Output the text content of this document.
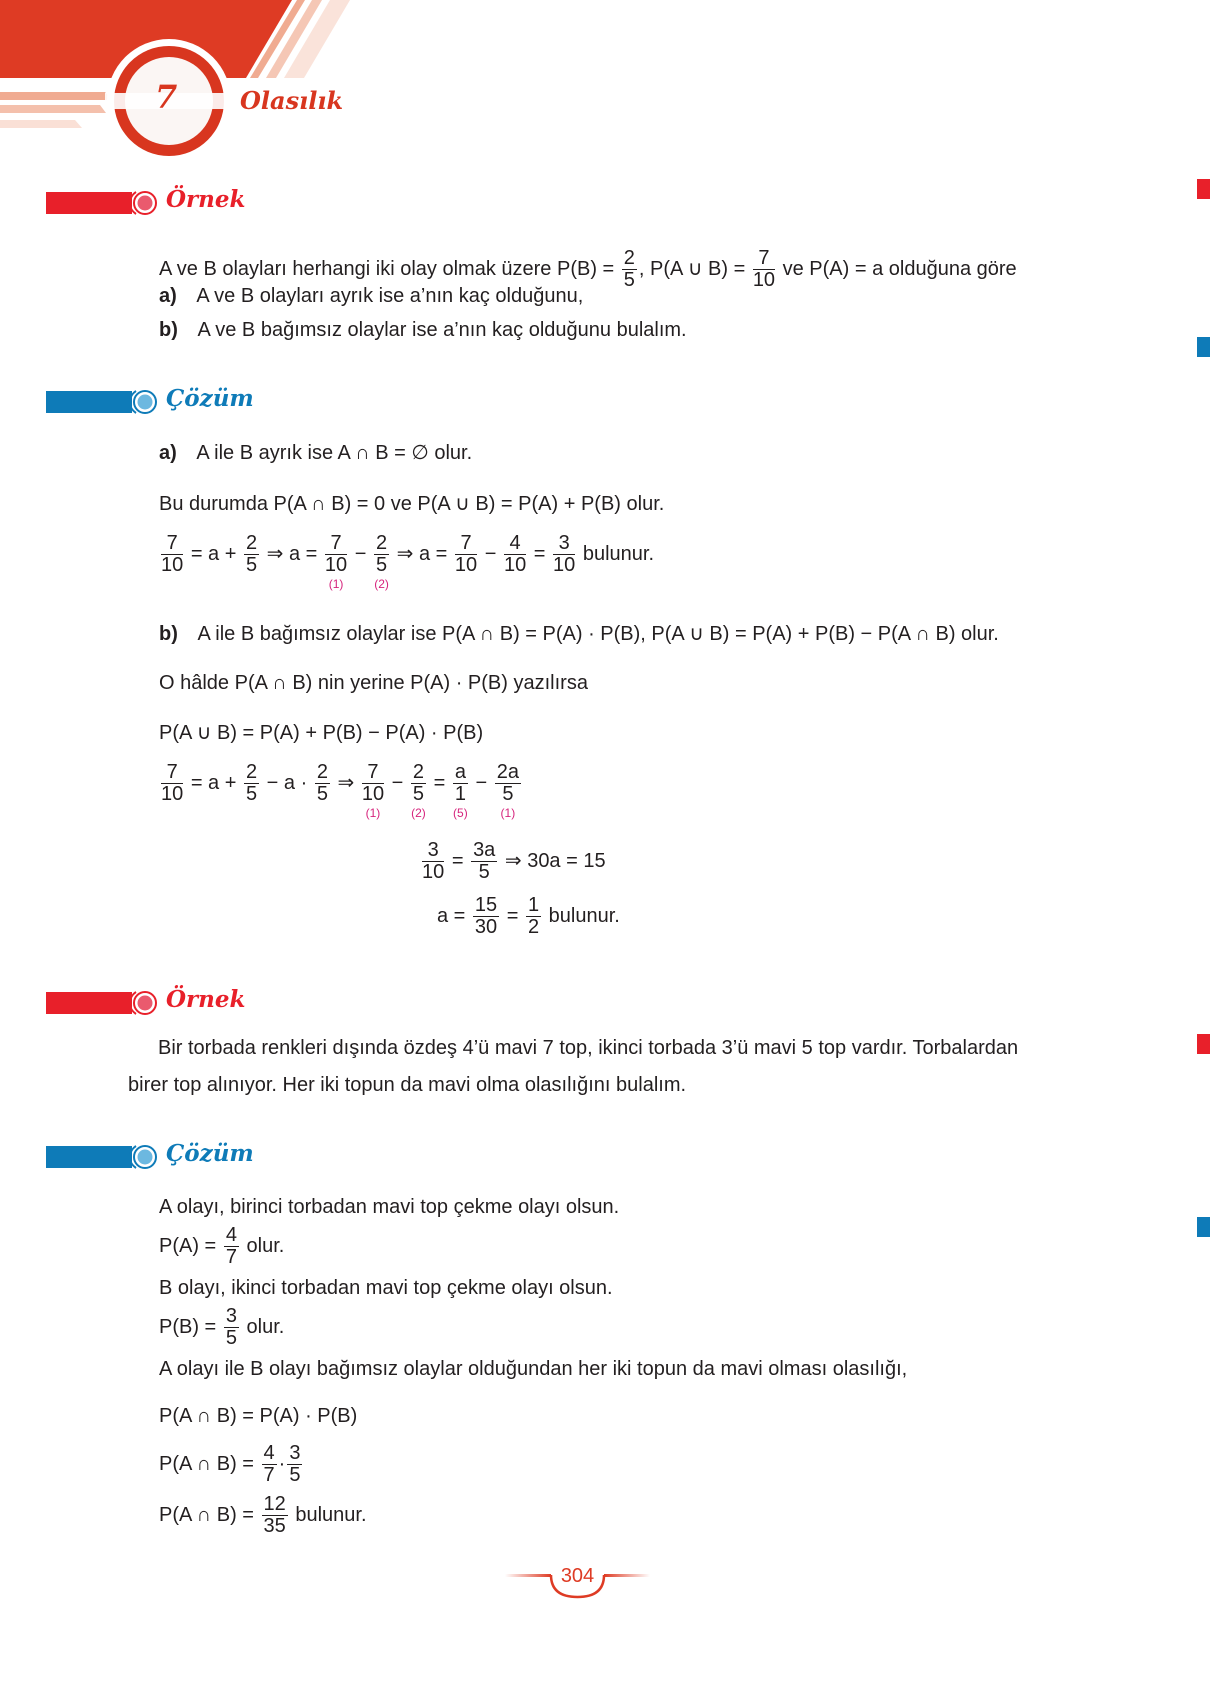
7	Olasılık
Örnek
A ve B olayları herhangi iki olay olmak üzere $P(B) = \frac{2}{5}$ , P(A ∪ $B) = \frac{7}{10}$ ve P(A) = a olduğuna göre
a) A ve B olayları ayrık ise a’nın kaç olduğunu,
b) A ve B bağımsız olaylar ise a’nın kaç olduğunu bulalım.
Çözüm
a) A ile B ayrık ise A ∩ B = ∅ olur.
Bu durumda P(A ∩ B) = 0 ve P(A ∪ B) = P(A) + P(B) olur.
$\frac{7}{10} = a + \frac{2}{5}$ ⇒ a = 7
10
(1)
− 2
5
(2)
⇒ $a = \frac{7}{10} - \frac{4}{10} = \frac{3}{10}$ bulunur.
b) A ile B bağımsız olaylar ise P(A ∩ B) = P(A) · P(B), P(A ∪ B) = P(A) + P(B) − P(A ∩ B) olur.
O hâlde P(A ∩ B) nin yerine P(A) · P(B) yazılırsa
P(A ∪ B) = P(A) + P(B) − P(A) · P(B)
$\frac{7}{10} = a + \frac{2}{5} - a \cdot \frac{2}{5}$ ⇒ 7
10
(1)
− 2
5
(2)
= a
1
(5)
− 2a
5
(1)
$\frac{3}{10} = \frac{3a}{5}$ ⇒ 30a = 15
$a = \frac{15}{30} = \frac{1}{2}$ bulunur.
Örnek
Bir torbada renkleri dışında özdeş 4’ü mavi 7 top, ikinci torbada 3’ü mavi 5 top vardır. Torbalardan
birer top alınıyor. Her iki topun da mavi olma olasılığını bulalım.
Çözüm
A olayı, birinci torbadan mavi top çekme olayı olsun.
$P(A) = \frac{4}{7}$ olur.
B olayı, ikinci torbadan mavi top çekme olayı olsun.
$P(B) = \frac{3}{5}$ olur.
A olayı ile B olayı bağımsız olaylar olduğundan her iki topun da mavi olması olasılığı,
P(A ∩ B) = P(A) · P(B)
P(A ∩ $B) = \frac{4}{7} \cdot \frac{3}{5}$
P(A ∩ $B) = \frac{12}{35}$ bulunur.
304
